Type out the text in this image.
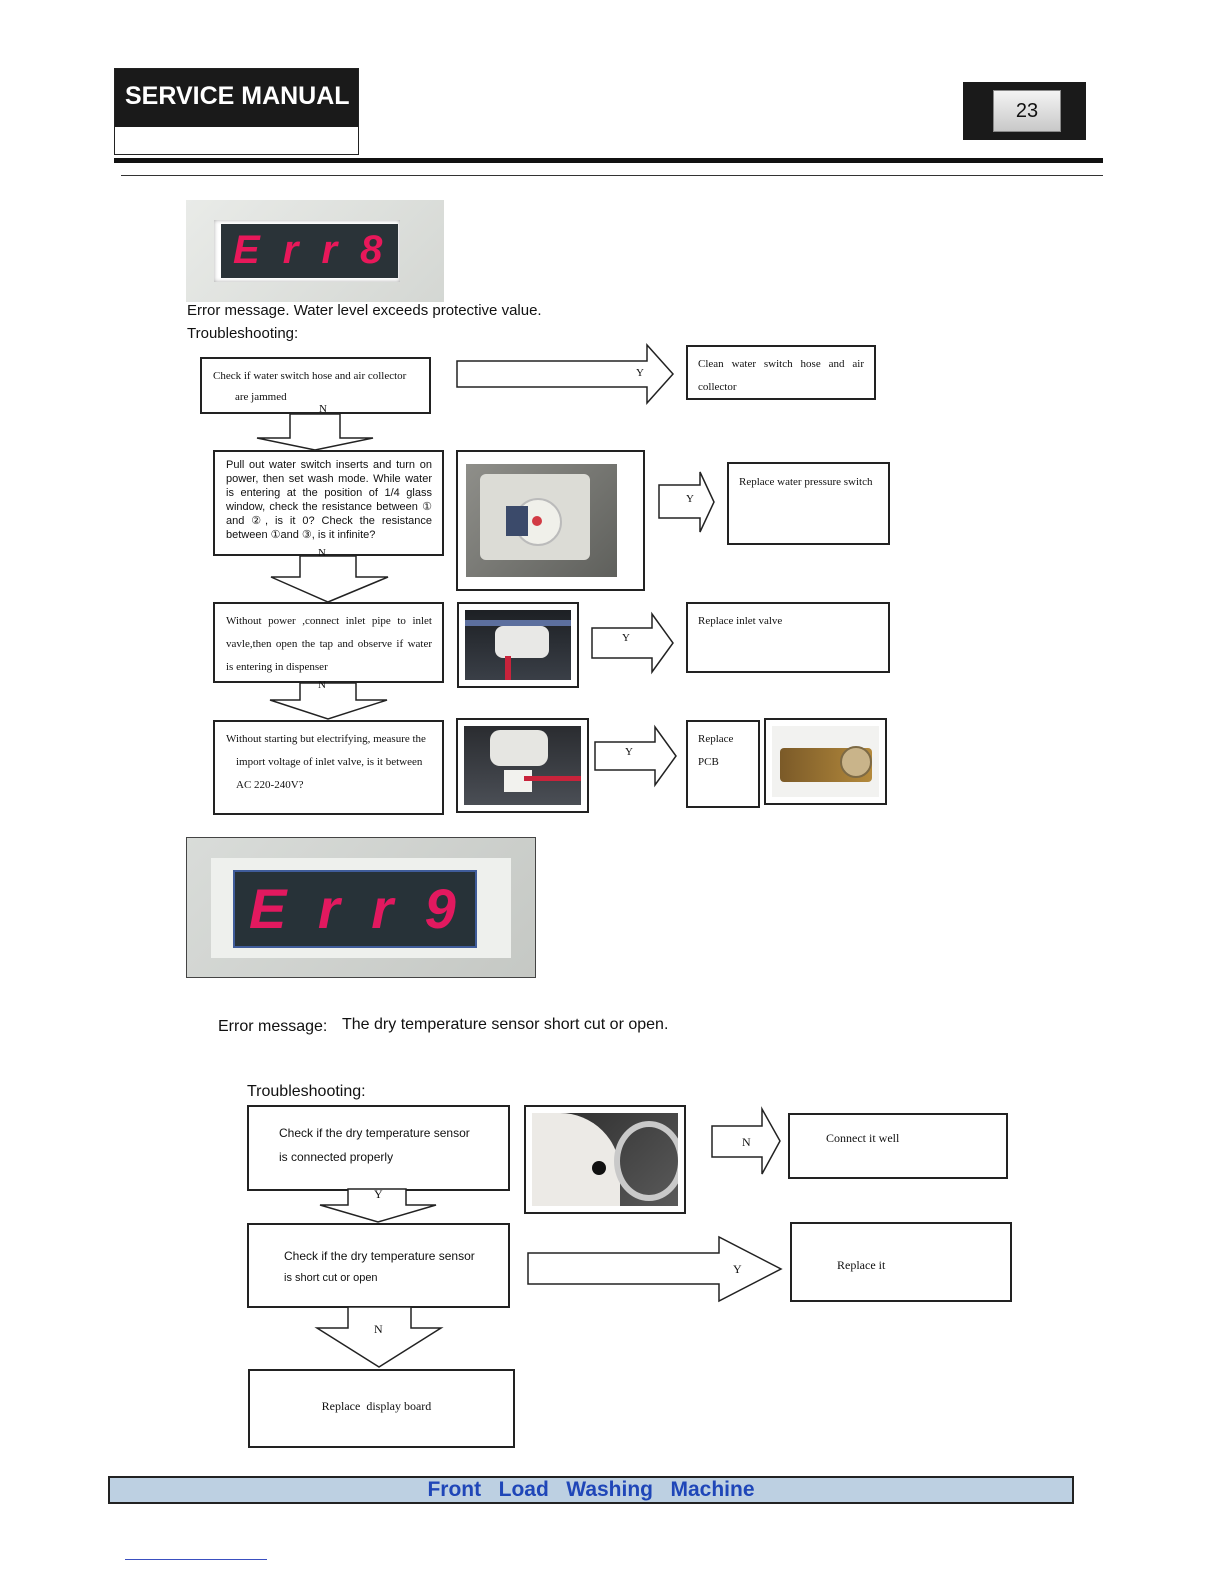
SERVICE MANUAL
23
E r r 8
Error message. Water level exceeds protective value.
Troubleshooting:
Check if water switch hose and air collector
are jammed
N
Y
Clean water switch hose and air
collector
Pull out water switch inserts and turn on power, then set wash mode. While water is entering at the position of 1/4 glass window, check the resistance between ① and ②, is it 0? Check the resistance between ①and ③, is it infinite?
N
Y
Replace water pressure switch
Without power ,connect inlet pipe to inlet
vavle,then open the tap and observe if water
is entering in dispenser
N
Y
Replace inlet valve
Without starting but electrifying, measure the
import voltage of inlet valve, is it between
AC 220-240V?
Y
Replace
PCB
E r r 9
Error message: The dry temperature sensor short cut or open.
Troubleshooting:
Check if the dry temperature sensor
is connected properly
Y
N	Connect it well
Check if the dry temperature sensor
is short cut or open
Y	Replace it
N
Replace  display board
Front   Load   Washing   Machine
